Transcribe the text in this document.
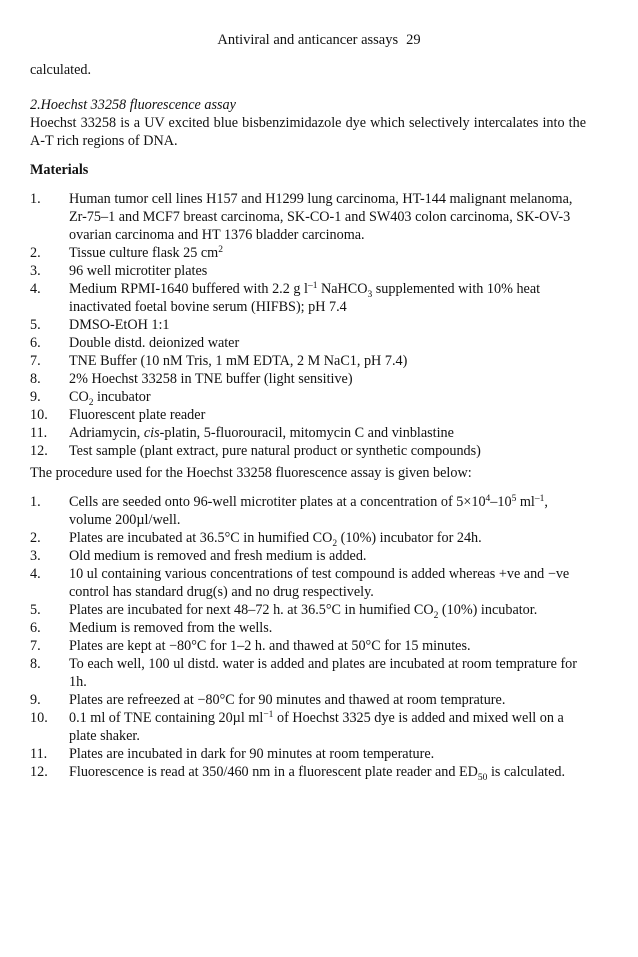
Antiviral and anticancer assays 29

calculated.

2.Hoechst 33258 fluorescence assay

Hoechst 33258 is a UV excited blue bisbenzimidazole dye which selectively intercalates into the A-T rich regions of DNA.

Materials

1.	Human tumor cell lines H157 and H1299 lung carcinoma, HT-144 malignant melanoma, Zr-75–1 and MCF7 breast carcinoma, SK-CO-1 and SW403 colon carcinoma, SK-OV-3 ovarian carcinoma and HT 1376 bladder carcinoma.
2.	Tissue culture flask 25 $cm^2$
3.	96 well microtiter plates
4.	Medium RPMI-1640 buffered with 2.2 g $l^{-1}$ NaHCO$_3$ supplemented with 10% heat inactivated foetal bovine serum (HIFBS); pH 7.4
5.	DMSO-EtOH 1:1
6.	Double distd. deionized water
7.	TNE Buffer (10 nM Tris, 1 mM EDTA, 2 M NaC1, pH 7.4)
8.	2% Hoechst 33258 in TNE buffer (light sensitive)
9.	$CO_2$ incubator
10.	Fluorescent plate reader
11.	Adriamycin, cis-platin, 5-fluorouracil, mitomycin C and vinblastine
12.	Test sample (plant extract, pure natural product or synthetic compounds)

The procedure used for the Hoechst 33258 fluorescence assay is given below:

1.	Cells are seeded onto 96-well microtiter plates at a concentration of $5\times 10^4-10^5$ $ml^{-1}$, volume 200µl/well.
2.	Plates are incubated at 36.5°C in humified $CO_2$ (10%) incubator for 24h.
3.	Old medium is removed and fresh medium is added.
4.	10 ul containing various concentrations of test compound is added whereas +ve and −ve control has standard drug(s) and no drug respectively.
5.	Plates are incubated for next 48–72 h. at 36.5°C in humified $CO_2$ (10%) incubator.
6.	Medium is removed from the wells.
7.	Plates are kept at −80°C for 1–2 h. and thawed at 50°C for 15 minutes.
8.	To each well, 100 ul distd. water is added and plates are incubated at room temprature for 1h.
9.	Plates are refreezed at −80°C for 90 minutes and thawed at room temprature.
10.	0.1 ml of TNE containing 20µl $ml^{-1}$ of Hoechst 3325 dye is added and mixed well on a plate shaker.
11.	Plates are incubated in dark for 90 minutes at room temperature.
12.	Fluorescence is read at 350/460 nm in a fluorescent plate reader and $ED_{50}$ is calculated.
